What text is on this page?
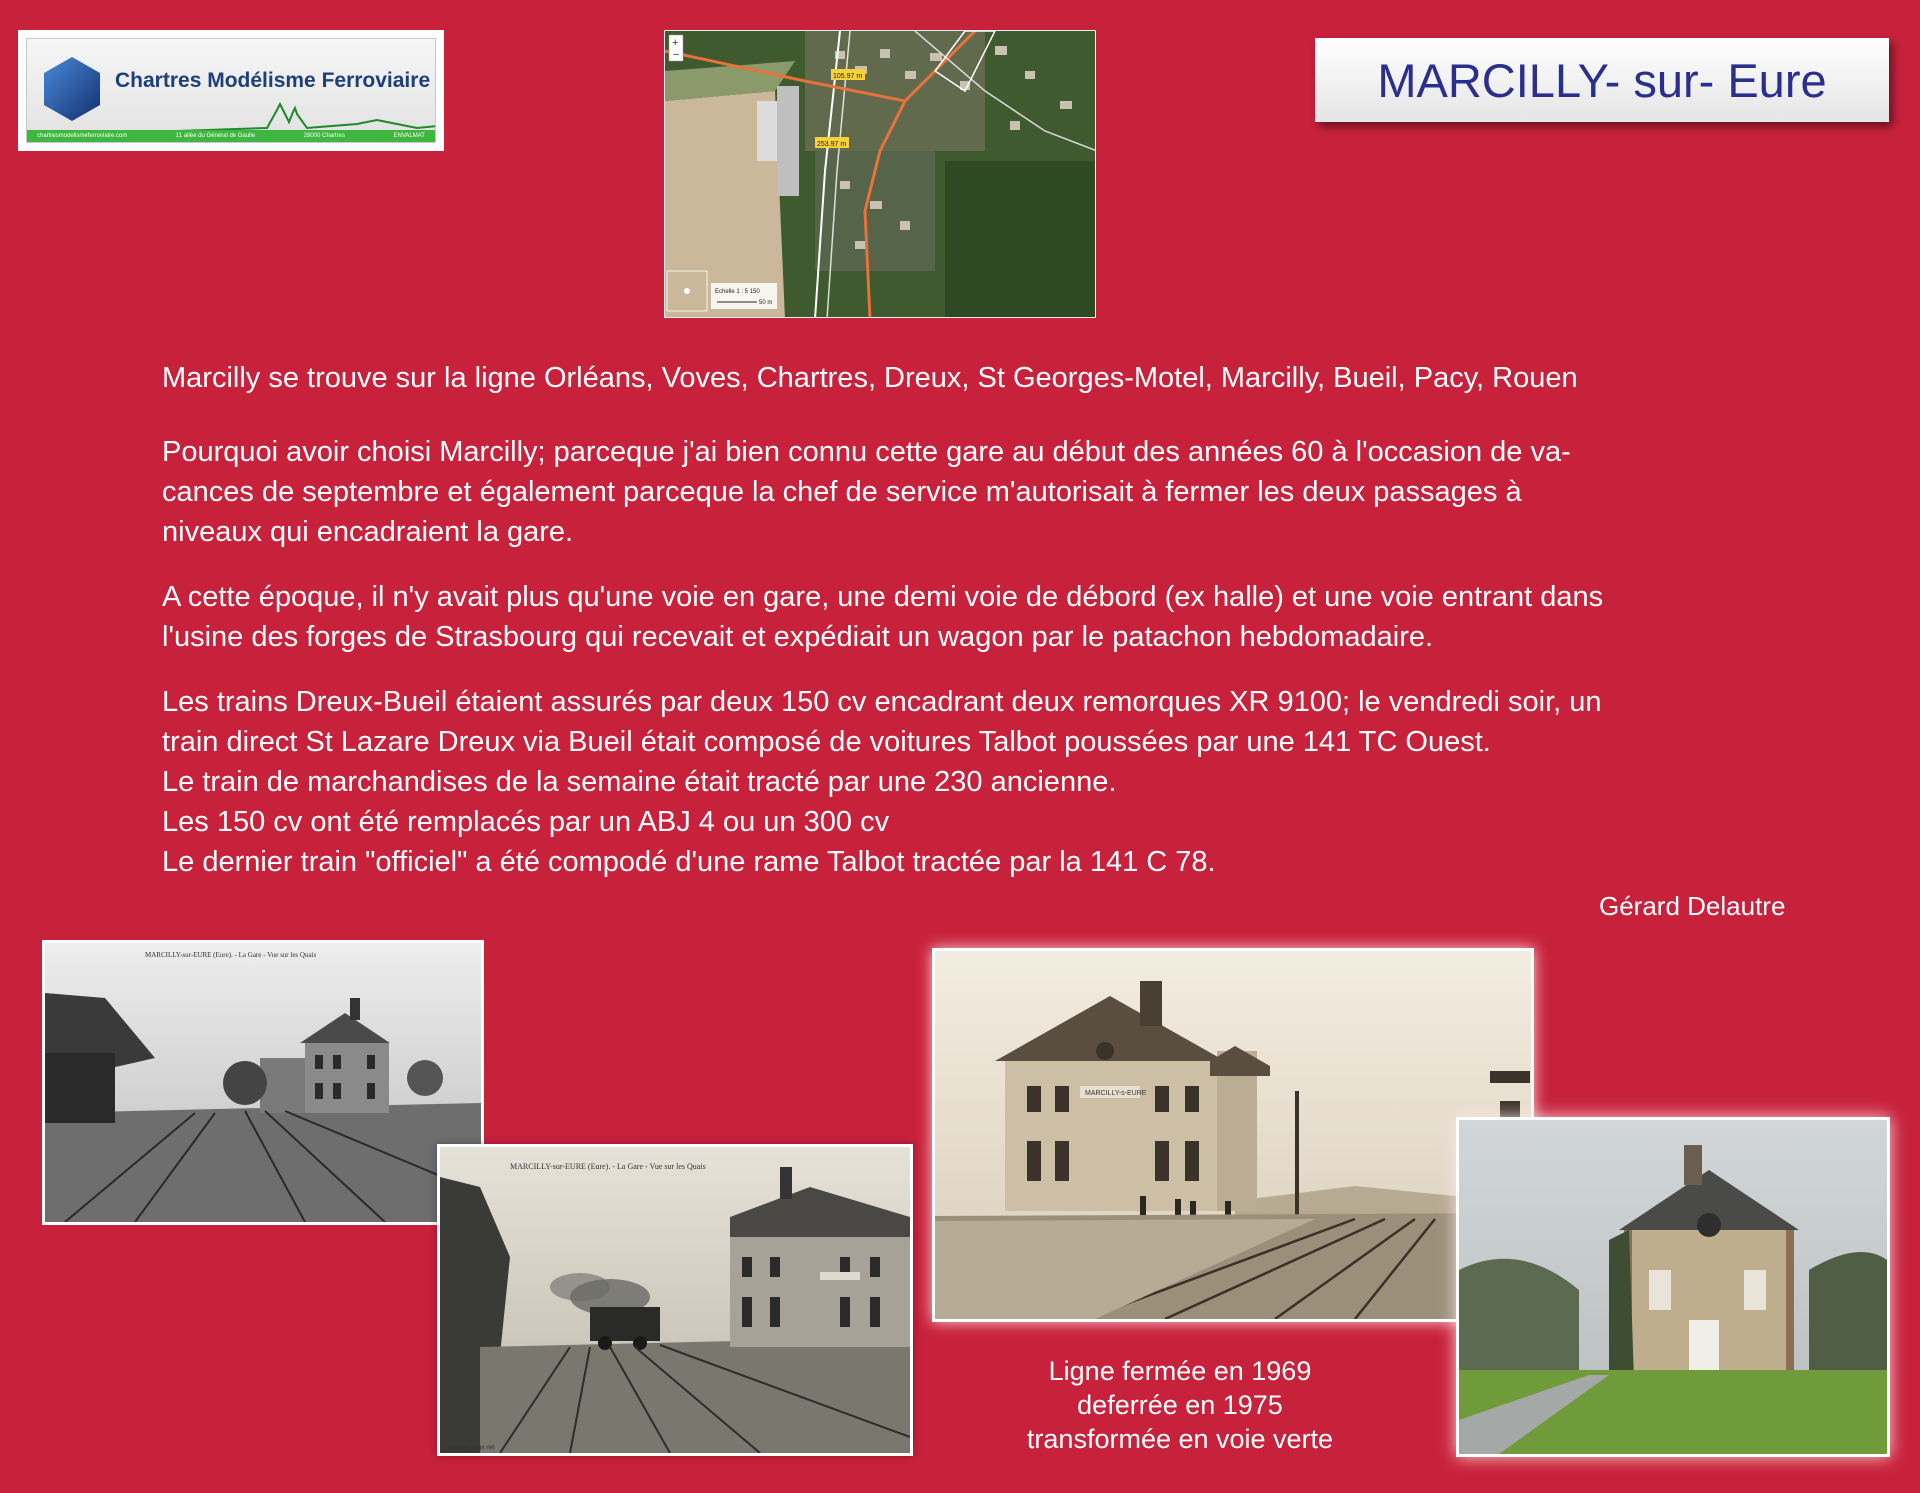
Chartres Modélisme Ferroviaire
chartresmodelismeferroviaire.com	11 allée du Général de Gaulle	28000 Chartres	ENVALMAT
105.97 m
253.97 m
+
−
Echelle 1 : 5 150
50 m
MARCILLY- sur- Eure
Marcilly se trouve sur la ligne Orléans, Voves, Chartres, Dreux, St Georges-Motel, Marcilly, Bueil, Pacy, Rouen
Pourquoi avoir choisi Marcilly; parceque j'ai bien connu cette gare au début des années 60 à l'occasion de va-
cances de septembre et également parceque la chef de service m'autorisait à fermer les deux passages à
niveaux qui encadraient la gare.
A cette époque, il n'y avait plus qu'une voie en gare, une demi voie de débord (ex halle) et une voie entrant dans
l'usine des forges de Strasbourg qui recevait et expédiait un wagon par le patachon hebdomadaire.
Les trains Dreux-Bueil étaient assurés par deux 150 cv encadrant deux remorques XR 9100; le vendredi soir, un
train direct St Lazare Dreux via Bueil était composé de voitures Talbot poussées par une 141 TC Ouest.
Le train de marchandises de la semaine était tracté par une 230 ancienne.
Les 150 cv ont été remplacés par un ABJ 4 ou un 300 cv
Le dernier train "officiel" a été compodé d'une rame Talbot tractée par la 141 C 78.
Gérard Delautre
MARCILLY-sur-EURE (Eure). - La Gare - Vue sur les Quais
MARCILLY-sur-EURE (Eure). - La Gare - Vue sur les Quais
www.fer-ange.net
MARCILLY-s-EURE
Ligne fermée en 1969
deferrée en 1975
transformée en voie verte
